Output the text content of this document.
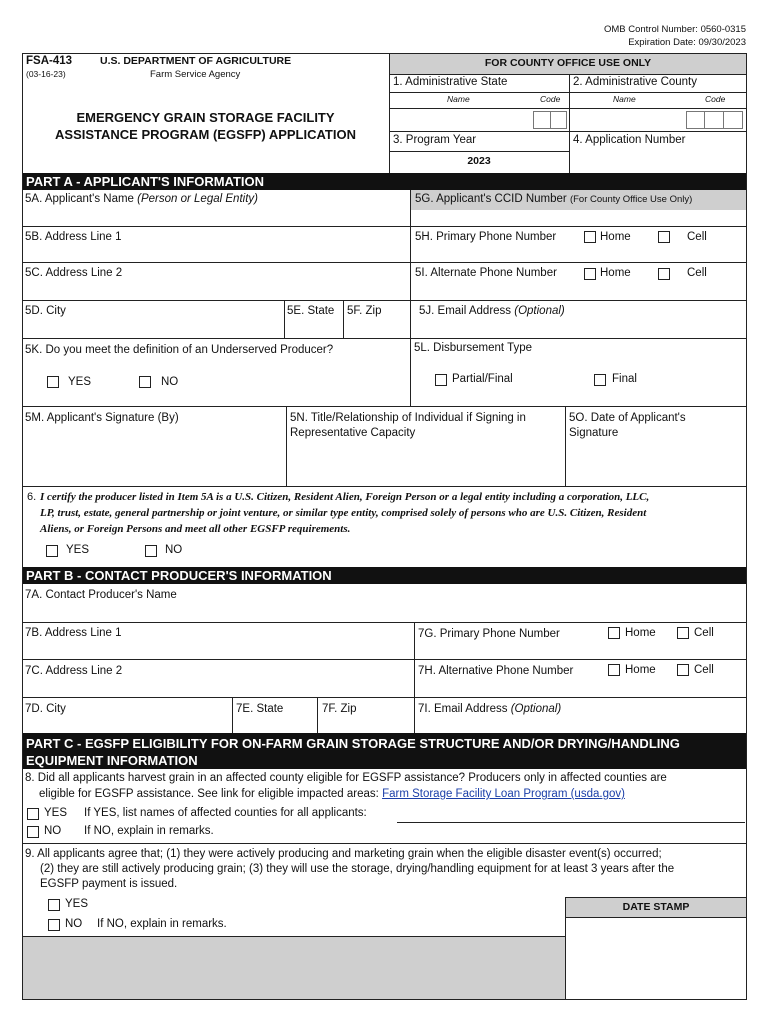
OMB Control Number: 0560-0315
Expiration Date: 09/30/2023
FSA-413
(03-16-23)
U.S. DEPARTMENT OF AGRICULTURE
Farm Service Agency
EMERGENCY GRAIN STORAGE FACILITY
ASSISTANCE PROGRAM (EGSFP) APPLICATION
FOR COUNTY OFFICE USE ONLY
1. Administrative State	2. Administrative County
Name	Code	Name	Code
3. Program Year	4. Application Number
2023
PART A - APPLICANT'S INFORMATION
5A. Applicant's Name (Person or Legal Entity)	5G. Applicant's CCID Number (For County Office Use Only)
5B. Address Line 1	5H. Primary Phone Number	Home	Cell
5C. Address Line 2	5I. Alternate Phone Number	Home	Cell
5D. City	5E. State 5F. Zip	5J. Email Address (Optional)
5K. Do you meet the definition of an Underserved Producer?
YES	NO
5L. Disbursement Type
Partial/Final	Final
5M. Applicant's Signature (By)	5N. Title/Relationship of Individual if Signing in
Representative Capacity
5O. Date of Applicant's
Signature
6. I certify the producer listed in Item 5A is a U.S. Citizen, Resident Alien, Foreign Person or a legal entity including a corporation, LLC,
LP, trust, estate, general partnership or joint venture, or similar type entity, comprised solely of persons who are U.S. Citizen, Resident
Aliens, or Foreign Persons and meet all other EGSFP requirements.
YES	NO
PART B - CONTACT PRODUCER'S INFORMATION
7A. Contact Producer's Name
7B. Address Line 1	7G. Primary Phone Number	Home	Cell
7C. Address Line 2	7H. Alternative Phone Number	Home	Cell
7D. City	7E. State	7F. Zip	7I. Email Address (Optional)
PART C - EGSFP ELIGIBILITY FOR ON-FARM GRAIN STORAGE STRUCTURE AND/OR DRYING/HANDLING
EQUIPMENT INFORMATION
8. Did all applicants harvest grain in an affected county eligible for EGSFP assistance? Producers only in affected counties are
eligible for EGSFP assistance. See link for eligible impacted areas: Farm Storage Facility Loan Program (usda.gov)
YES If YES, list names of affected counties for all applicants:
NO If NO, explain in remarks.
9. All applicants agree that; (1) they were actively producing and marketing grain when the eligible disaster event(s) occurred;
(2) they are still actively producing grain; (3) they will use the storage, drying/handling equipment for at least 3 years after the
EGSFP payment is issued.
YES
NO If NO, explain in remarks.
DATE STAMP
